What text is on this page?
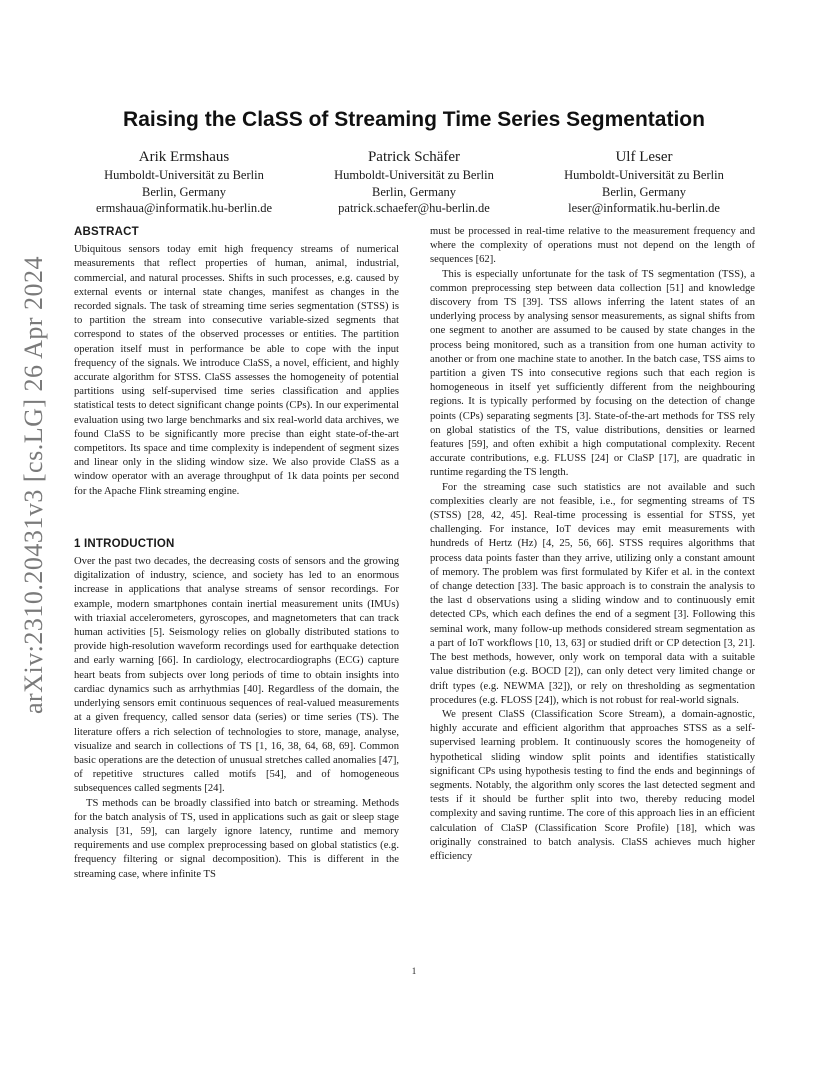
arXiv:2310.20431v3 [cs.LG] 26 Apr 2024
Raising the ClaSS of Streaming Time Series Segmentation
Arik Ermshaus
Humboldt-Universität zu Berlin
Berlin, Germany
ermshaua@informatik.hu-berlin.de
Patrick Schäfer
Humboldt-Universität zu Berlin
Berlin, Germany
patrick.schaefer@hu-berlin.de
Ulf Leser
Humboldt-Universität zu Berlin
Berlin, Germany
leser@informatik.hu-berlin.de
ABSTRACT

Ubiquitous sensors today emit high frequency streams of numerical measurements that reflect properties of human, animal, industrial, commercial, and natural processes. Shifts in such processes, e.g. caused by external events or internal state changes, manifest as changes in the recorded signals. The task of streaming time series segmentation (STSS) is to partition the stream into consecutive variable-sized segments that correspond to states of the observed processes or entities. The partition operation itself must in performance be able to cope with the input frequency of the signals. We introduce ClaSS, a novel, efficient, and highly accurate algorithm for STSS. ClaSS assesses the homogeneity of potential partitions using self-supervised time series classification and applies statistical tests to detect significant change points (CPs). In our experimental evaluation using two large benchmarks and six real-world data archives, we found ClaSS to be significantly more precise than eight state-of-the-art competitors. Its space and time complexity is independent of segment sizes and linear only in the sliding window size. We also provide ClaSS as a window operator with an average throughput of 1k data points per second for the Apache Flink streaming engine.

1 INTRODUCTION

Over the past two decades, the decreasing costs of sensors and the growing digitalization of industry, science, and society has led to an enormous increase in applications that analyse streams of sensor recordings. For example, modern smartphones contain inertial measurement units (IMUs) with triaxial accelerometers, gyroscopes, and magnetometers that can track human activities [5]. Seismology relies on globally distributed stations to provide high-resolution waveform recordings used for earthquake detection and early warning [66]. In cardiology, electrocardiographs (ECG) capture heart beats from subjects over long periods of time to obtain insights into cardiac dynamics such as arrhythmias [40]. Regardless of the domain, the underlying sensors emit continuous sequences of real-valued measurements at a given frequency, called sensor data (series) or time series (TS). The literature offers a rich selection of technologies to store, manage, analyse, visualize and search in collections of TS [1, 16, 38, 64, 68, 69]. Common basic operations are the detection of unusual stretches called anomalies [47], of repetitive structures called motifs [54], and of homogeneous subsequences called segments [24].

TS methods can be broadly classified into batch or streaming. Methods for the batch analysis of TS, used in applications such as gait or sleep stage analysis [31, 59], can largely ignore latency, runtime and memory requirements and use complex preprocessing based on global statistics (e.g. frequency filtering or signal decomposition). This is different in the streaming case, where infinite TS

must be processed in real-time relative to the measurement frequency and where the complexity of operations must not depend on the length of sequences [62].

This is especially unfortunate for the task of TS segmentation (TSS), a common preprocessing step between data collection [51] and knowledge discovery from TS [39]. TSS allows inferring the latent states of an underlying process by analysing sensor measurements, as signal shifts from one segment to another are assumed to be caused by state changes in the process being monitored, such as a transition from one human activity to another or from one machine state to another. In the batch case, TSS aims to partition a given TS into consecutive regions such that each region is homogeneous in itself yet sufficiently different from the neighbouring regions. It is typically performed by focusing on the detection of change points (CPs) separating segments [3]. State-of-the-art methods for TSS rely on global statistics of the TS, value distributions, densities or learned features [59], and often exhibit a high computational complexity. Recent accurate contributions, e.g. FLUSS [24] or ClaSP [17], are quadratic in runtime regarding the TS length.

For the streaming case such statistics are not available and such complexities clearly are not feasible, i.e., for segmenting streams of TS (STSS) [28, 42, 45]. Real-time processing is essential for STSS, yet challenging. For instance, IoT devices may emit measurements with hundreds of Hertz (Hz) [4, 25, 56, 66]. STSS requires algorithms that process data points faster than they arrive, utilizing only a constant amount of memory. The problem was first formulated by Kifer et al. in the context of change detection [33]. The basic approach is to constrain the analysis to the last d observations using a sliding window and to continuously emit detected CPs, which each defines the end of a segment [3]. Following this seminal work, many follow-up methods considered stream segmentation as a part of IoT workflows [10, 13, 63] or studied drift or CP detection [3, 21]. The best methods, however, only work on temporal data with a suitable value distribution (e.g. BOCD [2]), can only detect very limited change or drift types (e.g. NEWMA [32]), or rely on thresholding as segmentation procedures (e.g. FLOSS [24]), which is not robust for real-world signals.

We present ClaSS (Classification Score Stream), a domain-agnostic, highly accurate and efficient algorithm that approaches STSS as a self-supervised learning problem. It continuously scores the homogeneity of hypothetical sliding window split points and identifies statistically significant CPs using hypothesis testing to find the ends and beginnings of segments. Notably, the algorithm only scores the last detected segment and tests if it should be further split into two, thereby reducing model complexity and saving runtime. The core of this approach lies in an efficient calculation of ClaSP (Classification Score Profile) [18], which was originally constrained to batch analysis. ClaSS achieves much higher efficiency

1
